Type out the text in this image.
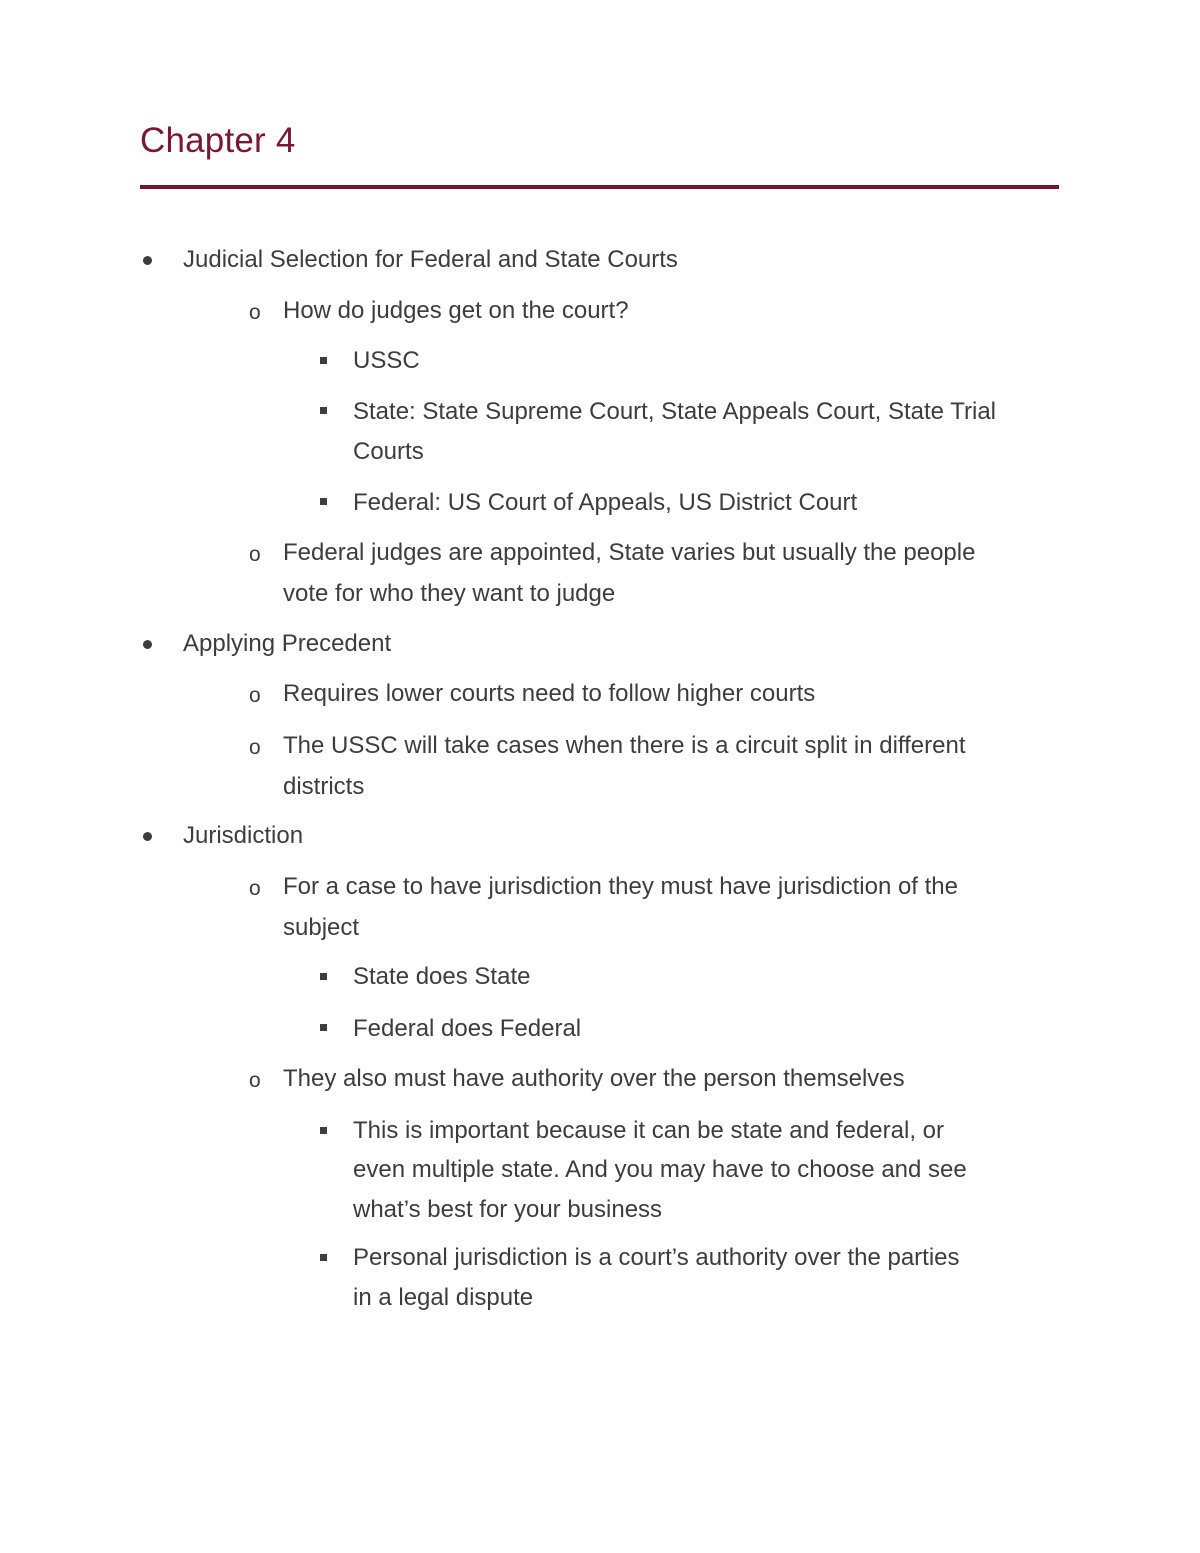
Chapter 4
Judicial Selection for Federal and State Courts
o How do judges get on the court?
USSC
State: State Supreme Court, State Appeals Court, State Trial
Courts
Federal: US Court of Appeals, US District Court
o Federal judges are appointed, State varies but usually the people
vote for who they want to judge
Applying Precedent
o Requires lower courts need to follow higher courts
o The USSC will take cases when there is a circuit split in different
districts
Jurisdiction
o For a case to have jurisdiction they must have jurisdiction of the
subject
State does State
Federal does Federal
o They also must have authority over the person themselves
This is important because it can be state and federal, or
even multiple state. And you may have to choose and see
what’s best for your business
Personal jurisdiction is a court’s authority over the parties
in a legal dispute
